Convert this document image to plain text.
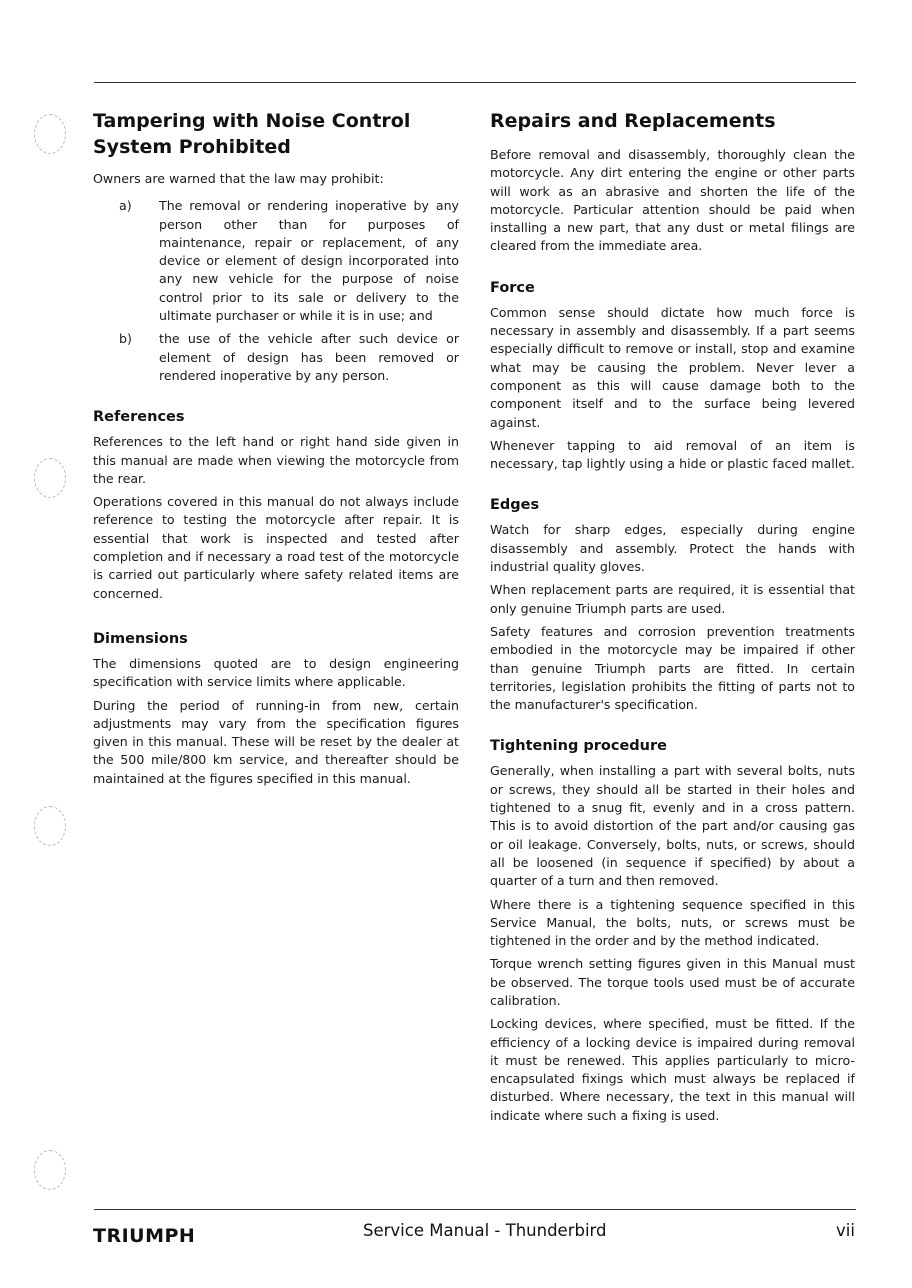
Tampering with Noise Control
System Prohibited

Owners are warned that the law may prohibit:

a)	The removal or rendering inoperative by any person other than for purposes of maintenance, repair or replacement, of any device or element of design incorporated into any new vehicle for the purpose of noise control prior to its sale or delivery to the ultimate purchaser or while it is in use; and
b)	the use of the vehicle after such device or element of design has been removed or rendered inoperative by any person.
References

References to the left hand or right hand side given in this manual are made when viewing the motorcycle from the rear.

Operations covered in this manual do not always include reference to testing the motorcycle after repair. It is essential that work is inspected and tested after completion and if necessary a road test of the motorcycle is carried out particularly where safety related items are concerned.

Dimensions

The dimensions quoted are to design engineering specification with service limits where applicable.

During the period of running-in from new, certain adjustments may vary from the specification figures given in this manual. These will be reset by the dealer at the 500 mile/800 km service, and thereafter should be maintained at the figures specified in this manual.

Repairs and Replacements

Before removal and disassembly, thoroughly clean the motorcycle. Any dirt entering the engine or other parts will work as an abrasive and shorten the life of the motorcycle. Particular attention should be paid when installing a new part, that any dust or metal filings are cleared from the immediate area.

Force

Common sense should dictate how much force is necessary in assembly and disassembly. If a part seems especially difficult to remove or install, stop and examine what may be causing the problem. Never lever a component as this will cause damage both to the component itself and to the surface being levered against.

Whenever tapping to aid removal of an item is necessary, tap lightly using a hide or plastic faced mallet.

Edges

Watch for sharp edges, especially during engine disassembly and assembly. Protect the hands with industrial quality gloves.

When replacement parts are required, it is essential that only genuine Triumph parts are used.

Safety features and corrosion prevention treatments embodied in the motorcycle may be impaired if other than genuine Triumph parts are fitted. In certain territories, legislation prohibits the fitting of parts not to the manufacturer's specification.

Tightening procedure

Generally, when installing a part with several bolts, nuts or screws, they should all be started in their holes and tightened to a snug fit, evenly and in a cross pattern. This is to avoid distortion of the part and/or causing gas or oil leakage. Conversely, bolts, nuts, or screws, should all be loosened (in sequence if specified) by about a quarter of a turn and then removed.

Where there is a tightening sequence specified in this Service Manual, the bolts, nuts, or screws must be tightened in the order and by the method indicated.

Torque wrench setting figures given in this Manual must be observed. The torque tools used must be of accurate calibration.

Locking devices, where specified, must be fitted. If the efficiency of a locking device is impaired during removal it must be renewed. This applies particularly to micro-encapsulated fixings which must always be replaced if disturbed. Where necessary, the text in this manual will indicate where such a fixing is used.

TRIUMPH	Service Manual - Thunderbird	vii
